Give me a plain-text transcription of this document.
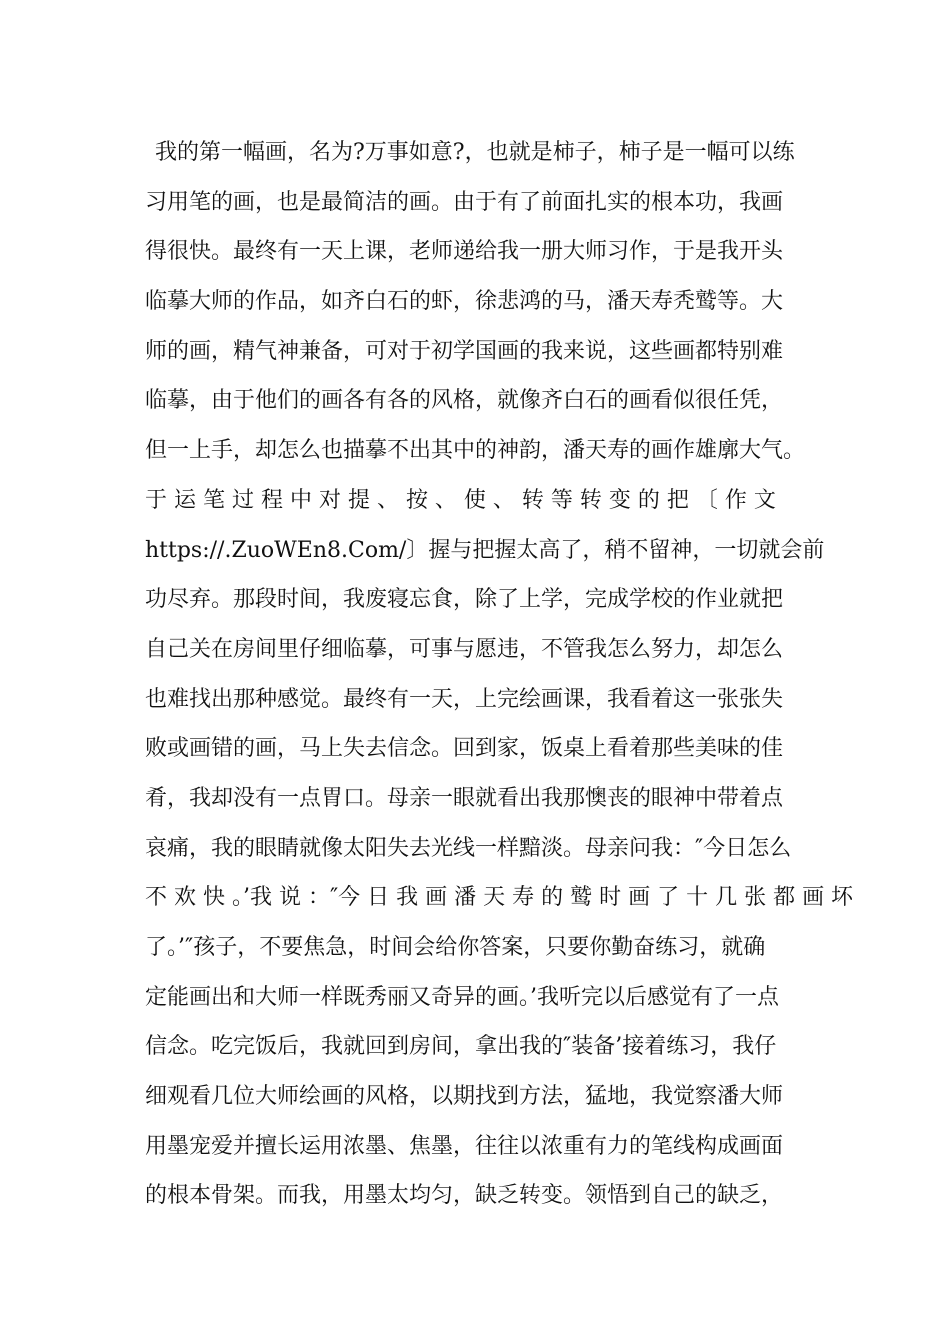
我的第一幅画，名为?万事如意?，也就是柿子，柿子是一幅可以练
习用笔的画，也是最简洁的画。由于有了前面扎实的根本功，我画
得很快。最终有一天上课，老师递给我一册大师习作，于是我开头
临摹大师的作品，如齐白石的虾，徐悲鸿的马，潘天寿秃鹫等。大
师的画，精气神兼备，可对于初学国画的我来说，这些画都特别难
临摹，由于他们的画各有各的风格，就像齐白石的画看似很任凭，
但一上手，却怎么也描摹不出其中的神韵，潘天寿的画作雄廓大气。
于 运 笔 过 程 中 对 提 、 按 、 使 、 转 等 转 变 的 把 〔 作 文
https://.ZuoWEn8.Com/〕握与把握太高了，稍不留神，一切就会前
功尽弃。那段时间，我废寝忘食，除了上学，完成学校的作业就把
自己关在房间里仔细临摹，可事与愿违，不管我怎么努力，却怎么
也难找出那种感觉。最终有一天，上完绘画课，我看着这一张张失
败或画错的画，马上失去信念。回到家，饭桌上看着那些美味的佳
肴，我却没有一点胃口。母亲一眼就看出我那懊丧的眼神中带着点
哀痛，我的眼睛就像太阳失去光线一样黯淡。母亲问我：″今日怎么
不 欢 快 。’我 说 ：″今 日 我 画 潘 天 寿 的 鹫 时 画 了 十 几 张 都 画 坏
了。’″孩子，不要焦急，时间会给你答案，只要你勤奋练习，就确
定能画出和大师一样既秀丽又奇异的画。’我听完以后感觉有了一点
信念。吃完饭后，我就回到房间，拿出我的″装备’接着练习，我仔
细观看几位大师绘画的风格，以期找到方法，猛地，我觉察潘大师
用墨宠爱并擅长运用浓墨、焦墨，往往以浓重有力的笔线构成画面
的根本骨架。而我，用墨太均匀，缺乏转变。领悟到自己的缺乏，
